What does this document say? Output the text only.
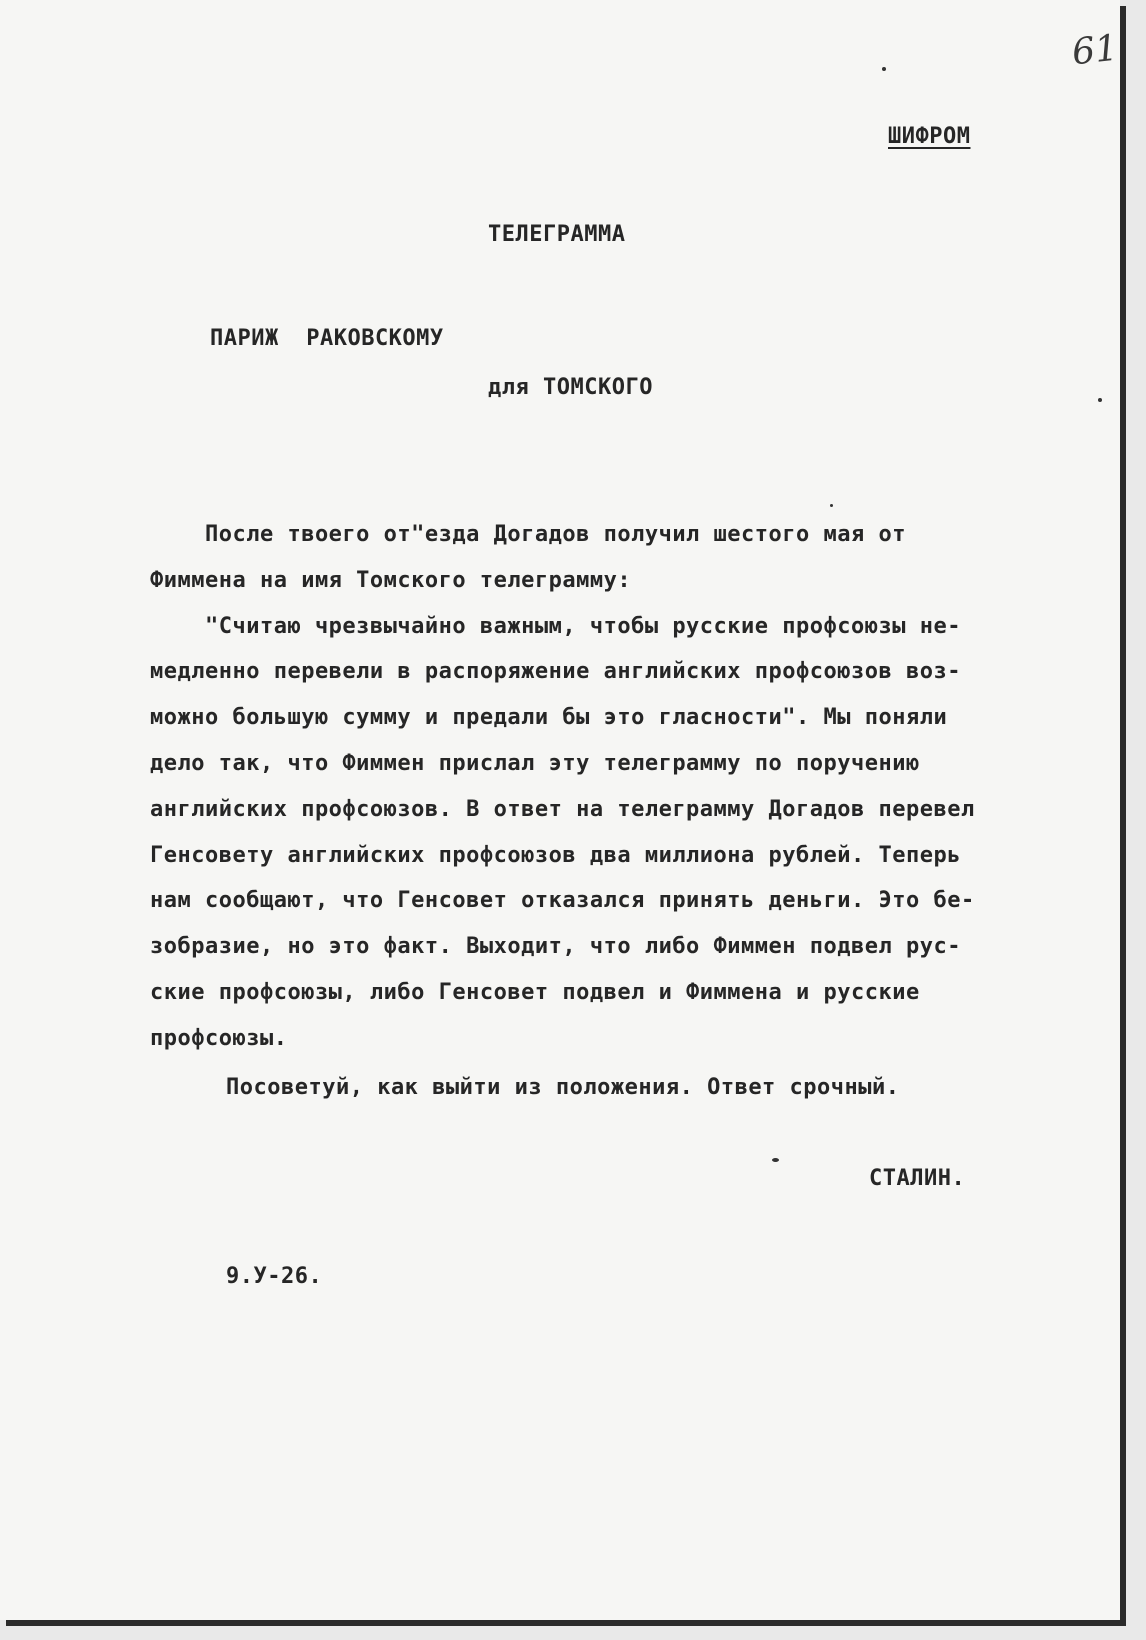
61
ШИФРОМ
ТЕЛЕГРАММА
ПАРИЖ  РАКОВСКОМУ
для ТОМСКОГО
После твоего от"езда Догадов получил шестого мая от
Фиммена на имя Томского телеграмму:
"Считаю чрезвычайно важным, чтобы русские профсоюзы не-
медленно перевели в распоряжение английских профсоюзов воз-
можно большую сумму и предали бы это гласности". Мы поняли
дело так, что Фиммен прислал эту телеграмму по поручению
английских профсоюзов. В ответ на телеграмму Догадов перевел
Генсовету английских профсоюзов два миллиона рублей. Теперь
нам сообщают, что Генсовет отказался принять деньги. Это бе-
зобразие, но это факт. Выходит, что либо Фиммен подвел рус-
ские профсоюзы, либо Генсовет подвел и Фиммена и русские
профсоюзы.
Посоветуй, как выйти из положения. Ответ срочный.
СТАЛИН.
9.У-26.
